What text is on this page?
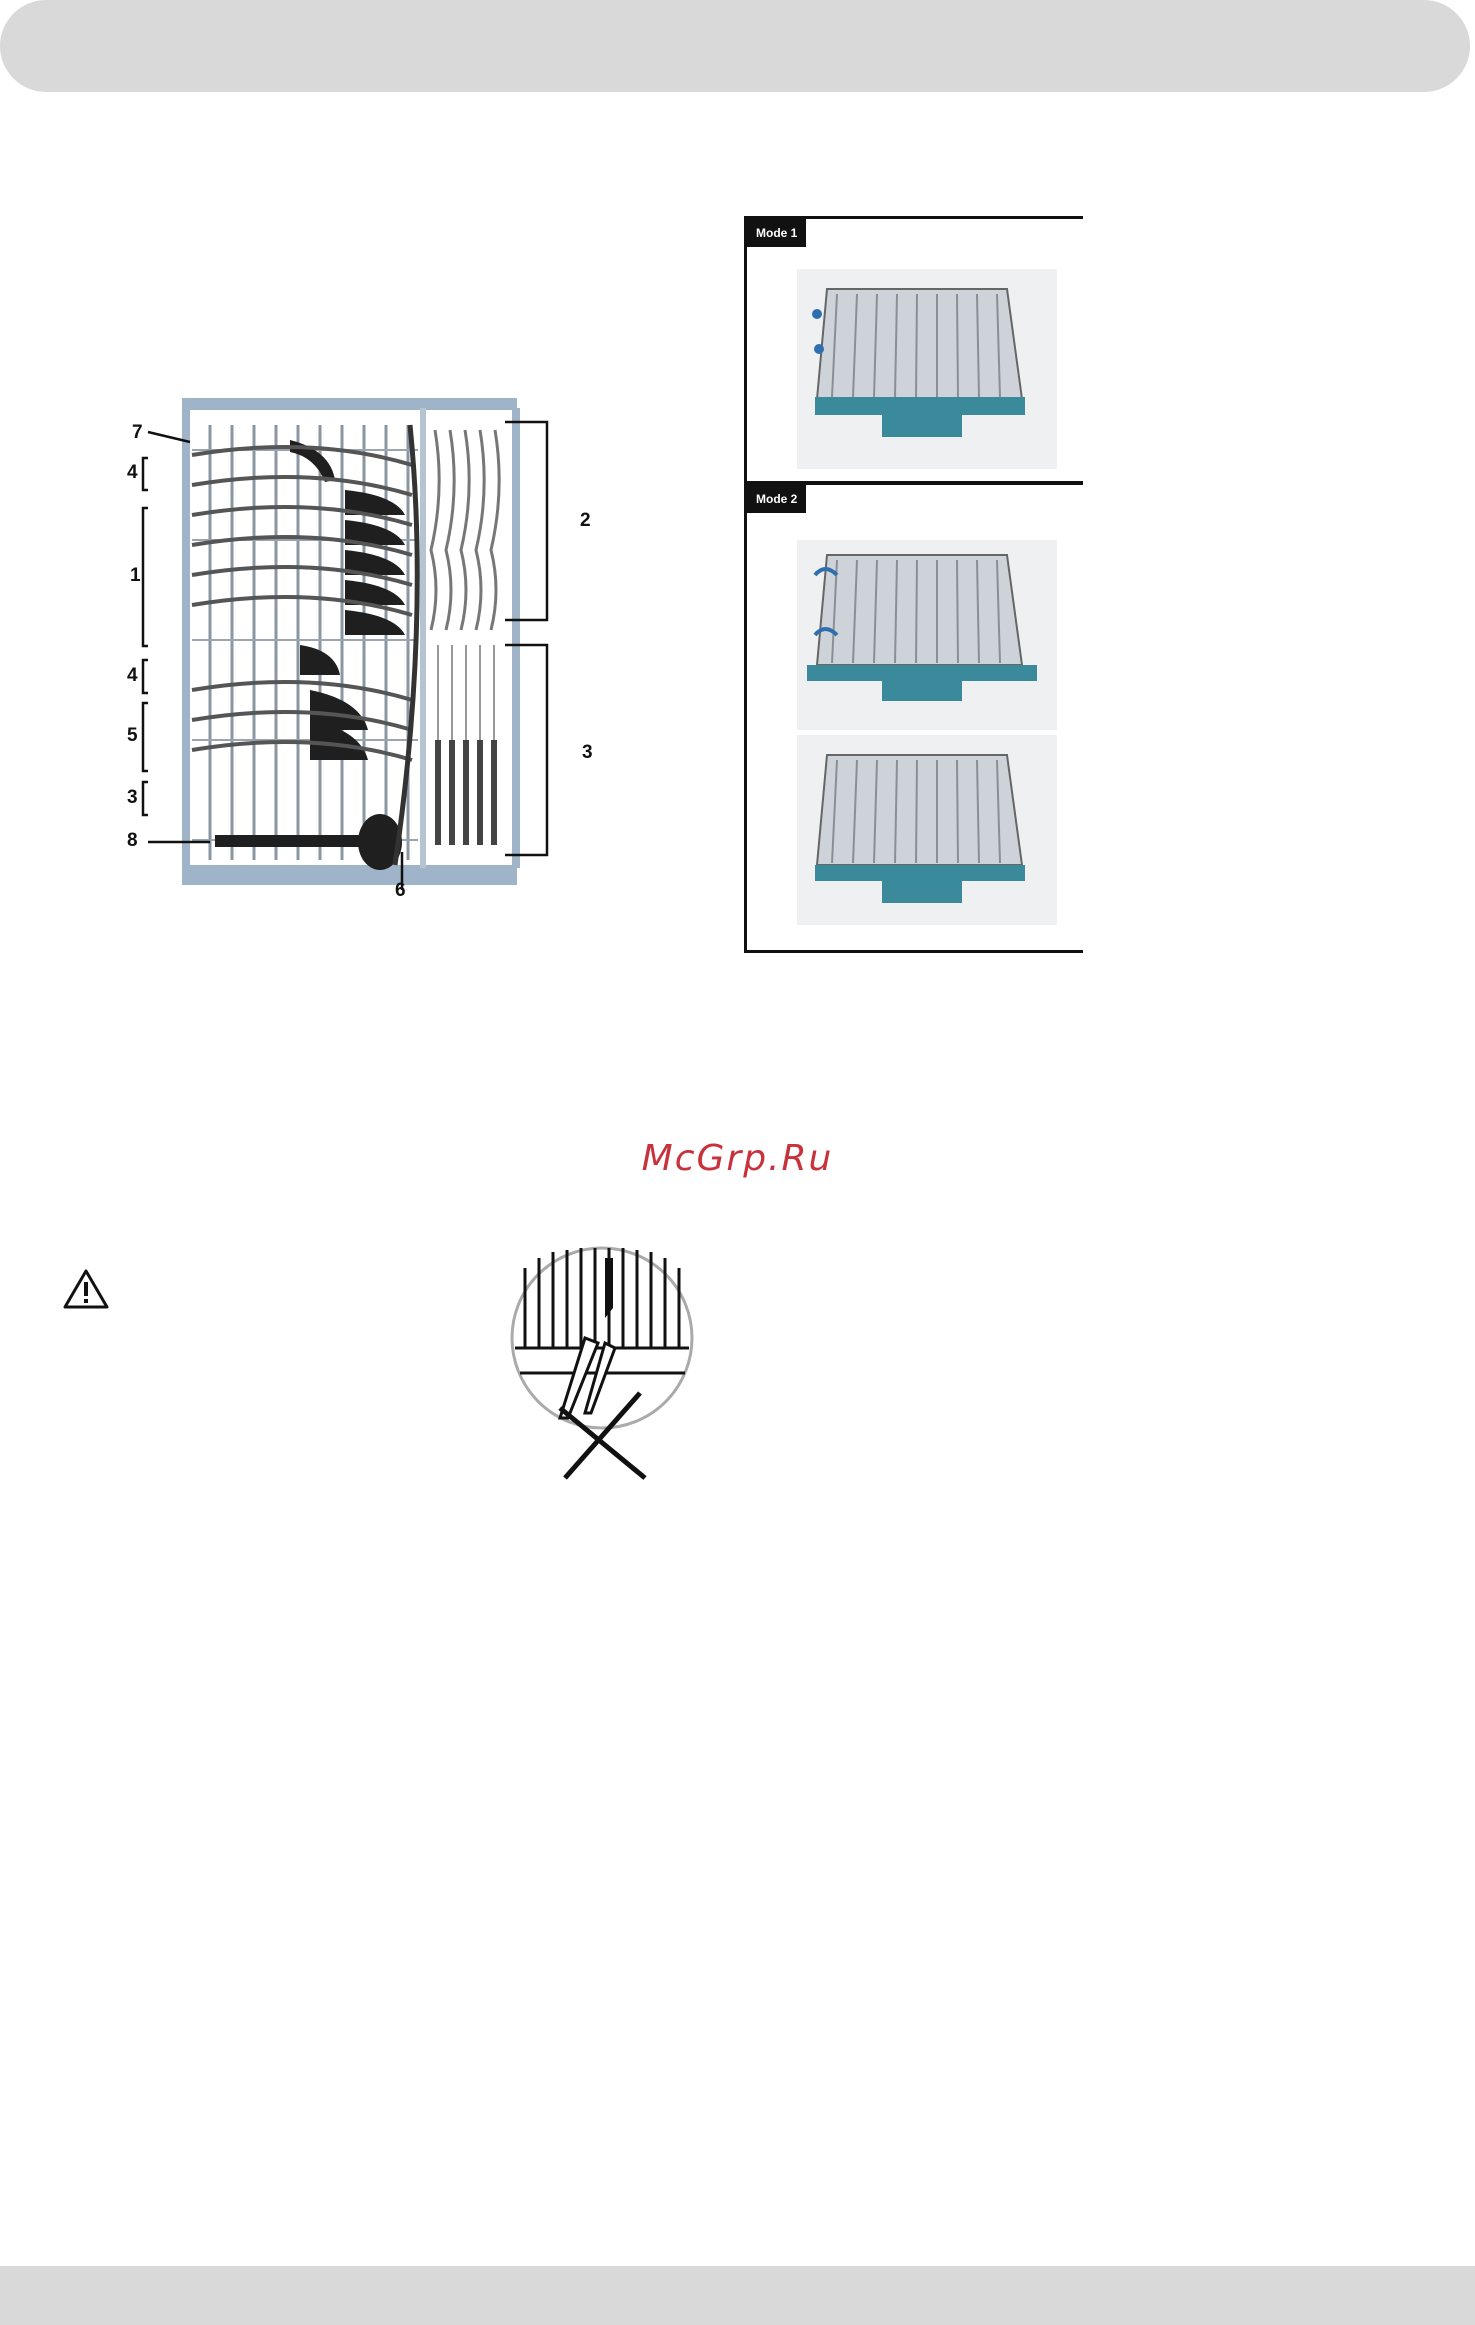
7
4
1
4
5
3
8
2
3
6
Mode 1
Mode 2
McGrp.Ru
